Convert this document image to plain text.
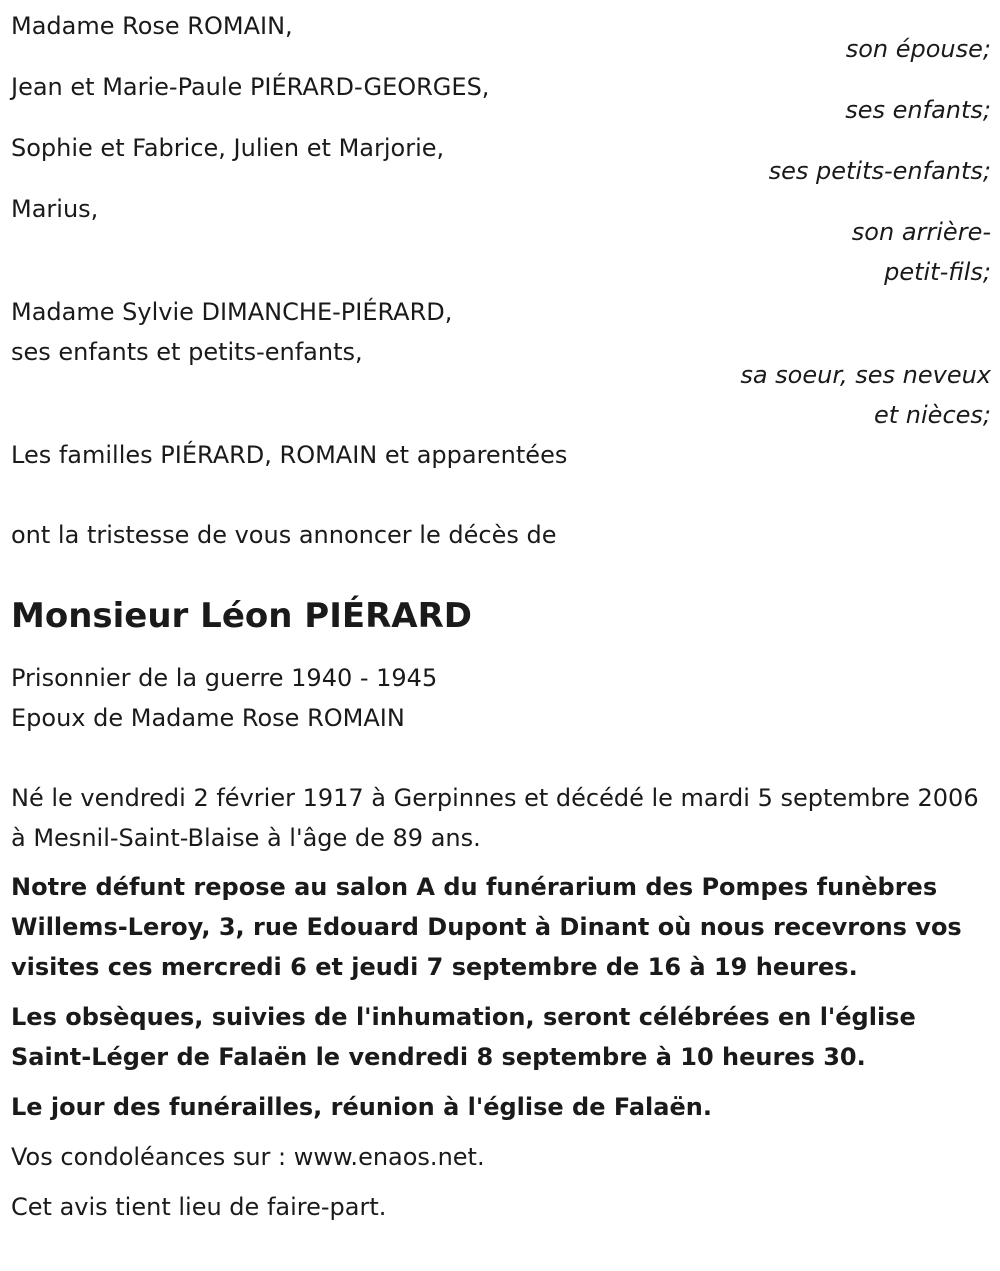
Madame Rose ROMAIN,
son épouse;
Jean et Marie-Paule PIÉRARD-GEORGES,
ses enfants;
Sophie et Fabrice, Julien et Marjorie,
ses petits-enfants;
Marius,
son arrière-
petit-fils;
Madame Sylvie DIMANCHE-PIÉRARD,
ses enfants et petits-enfants,
sa soeur, ses neveux
et nièces;
Les familles PIÉRARD, ROMAIN et apparentées
ont la tristesse de vous annoncer le décès de
Monsieur Léon PIÉRARD
Prisonnier de la guerre 1940 - 1945
Epoux de Madame Rose ROMAIN
Né le vendredi 2 février 1917 à Gerpinnes et décédé le mardi 5 septembre 2006 à Mesnil-Saint-Blaise à l'âge de 89 ans.
Notre défunt repose au salon A du funérarium des Pompes funèbres Willems-Leroy, 3, rue Edouard Dupont à Dinant où nous recevrons vos visites ces mercredi 6 et jeudi 7 septembre de 16 à 19 heures.
Les obsèques, suivies de l'inhumation, seront célébrées en l'église Saint-Léger de Falaën le vendredi 8 septembre à 10 heures 30.
Le jour des funérailles, réunion à l'église de Falaën.
Vos condoléances sur : www.enaos.net.
Cet avis tient lieu de faire-part.
